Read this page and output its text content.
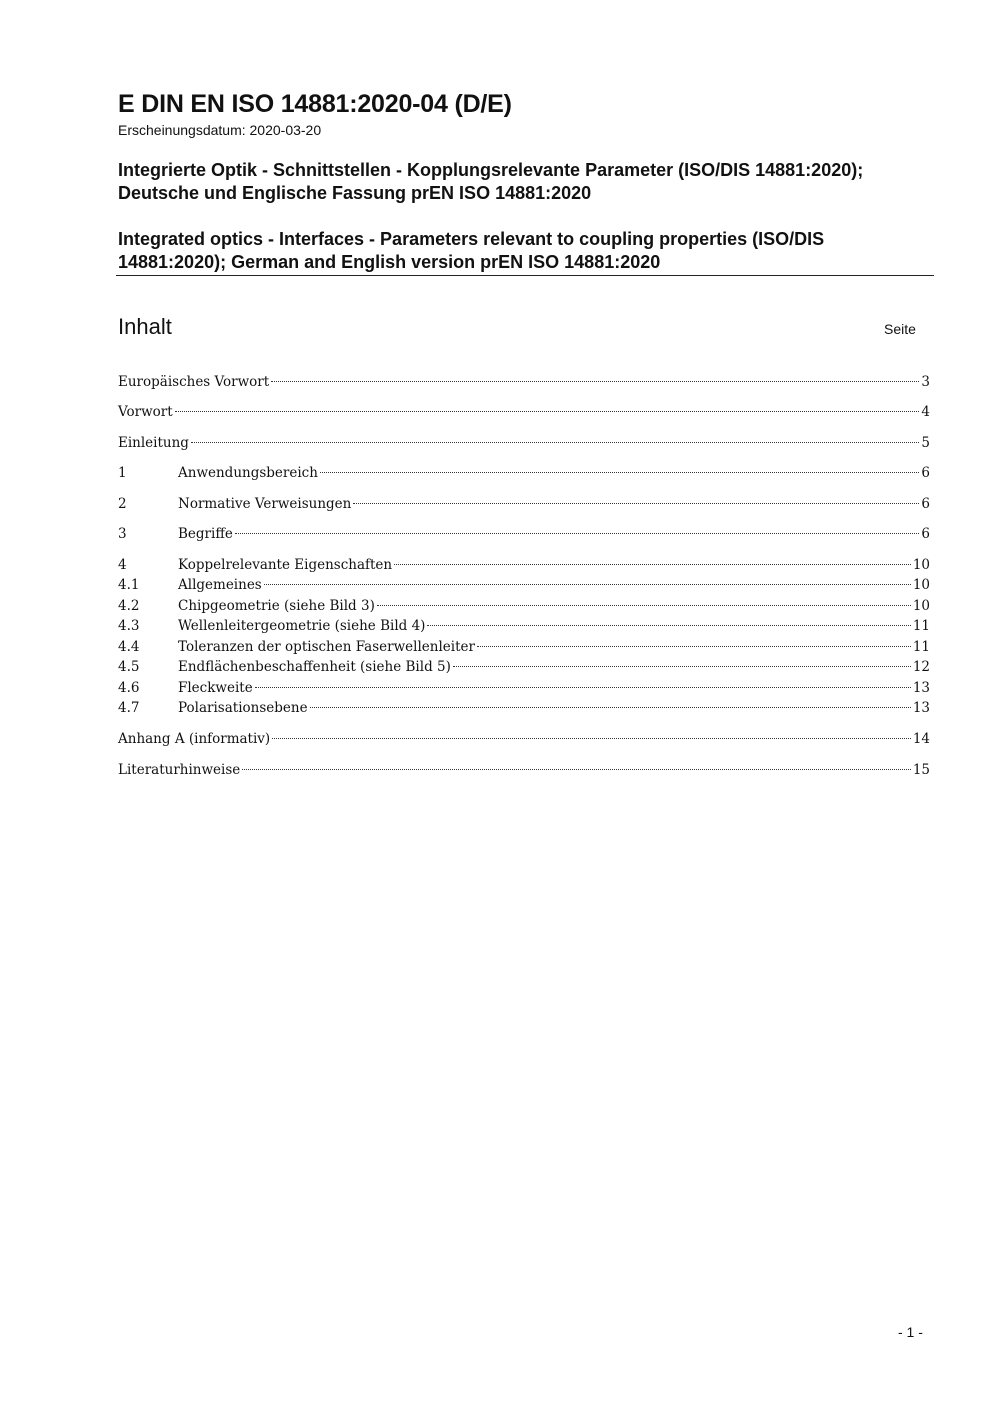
E DIN EN ISO 14881:2020-04 (D/E)
Erscheinungsdatum: 2020-03-20
Integrierte Optik - Schnittstellen - Kopplungsrelevante Parameter (ISO/DIS 14881:2020); Deutsche und Englische Fassung prEN ISO 14881:2020
Integrated optics - Interfaces - Parameters relevant to coupling properties (ISO/DIS 14881:2020); German and English version prEN ISO 14881:2020
Inhalt	Seite
Europäisches Vorwort	3
Vorwort	4
Einleitung	5
1	Anwendungsbereich	6
2	Normative Verweisungen	6
3	Begriffe	6
4	Koppelrelevante Eigenschaften	10
4.1	Allgemeines	10
4.2	Chipgeometrie (siehe Bild 3)	10
4.3	Wellenleitergeometrie (siehe Bild 4)	11
4.4	Toleranzen der optischen Faserwellenleiter	11
4.5	Endflächenbeschaffenheit (siehe Bild 5)	12
4.6	Fleckweite	13
4.7	Polarisationsebene	13
Anhang A (informativ)	14
Literaturhinweise	15
- 1 -
